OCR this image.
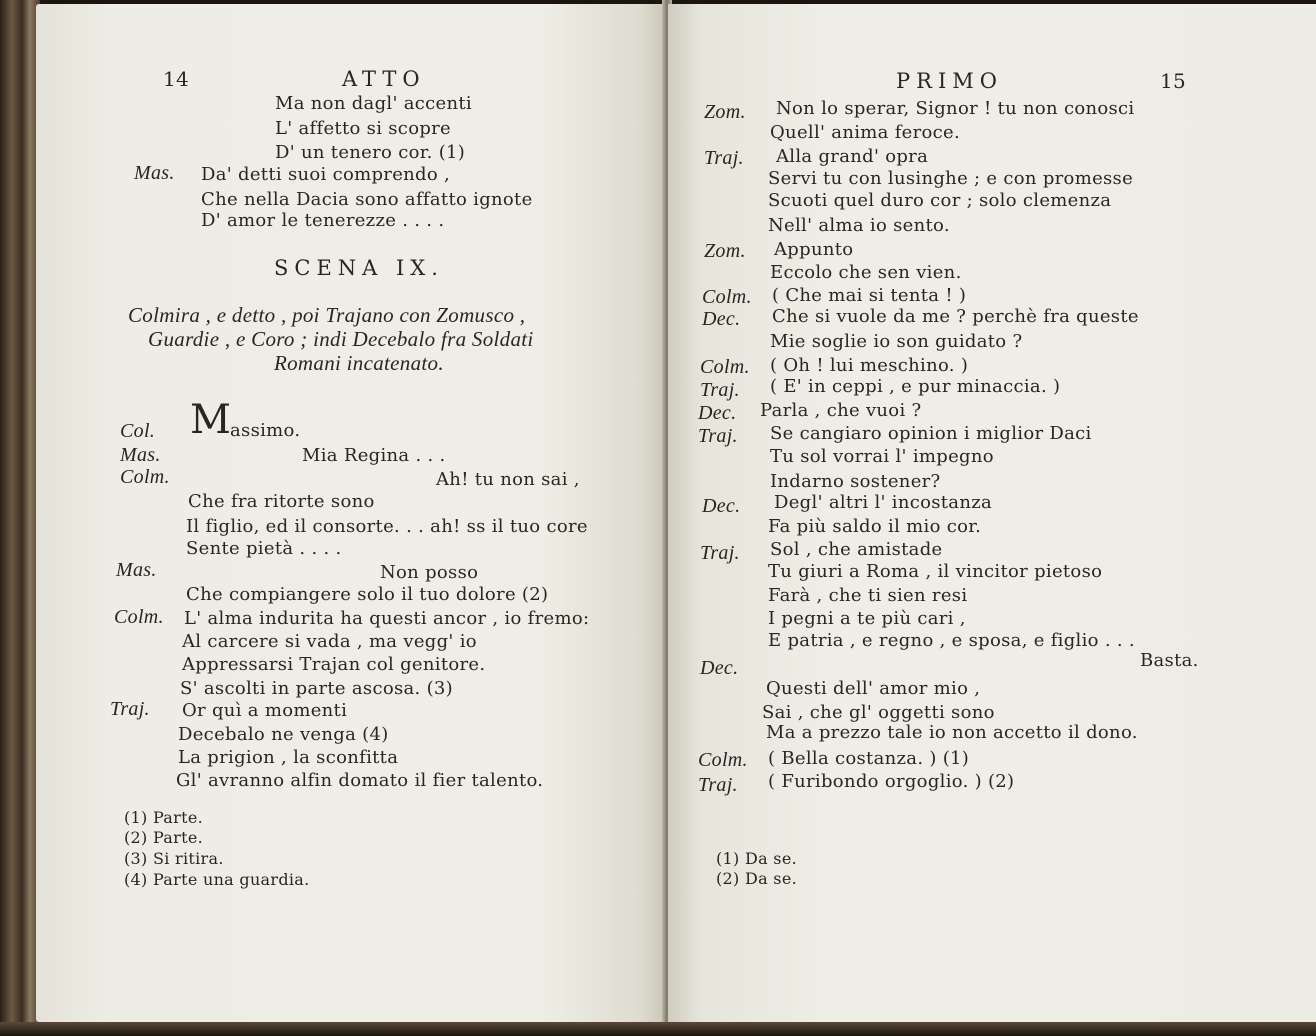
14	ATTO
Ma non dagl' accenti
L' affetto si scopre
D' un tenero cor. (1)
Mas. Da' detti suoi comprendo ,
Che nella Dacia sono affatto ignote
D' amor le tenerezze . . . .
SCENA IX.
Colmira , e detto , poi Trajano con Zomusco ,
Guardie , e Coro ; indi Decebalo fra Soldati
Romani incatenato.
Col. M
assimo.
Mas.	Mia Regina . . .
Colm.	Ah! tu non sai ,
Che fra ritorte sono
Il figlio, ed il consorte. . . ah! ss il tuo core
Sente pietà . . . .
Mas.	Non posso
Che compiangere solo il tuo dolore (2)
Colm. L' alma indurita ha questi ancor , io fremo:
Al carcere si vada , ma vegg' io
Appressarsi Trajan col genitore.
S' ascolti in parte ascosa. (3)
Traj. Or quì a momenti
Decebalo ne venga (4)
La prigion , la sconfitta
Gl' avranno alfin domato il fier talento.
(1) Parte.
(2) Parte.
(3) Si ritira.
(4) Parte una guardia.
PRIMO	15
Zom. Non lo sperar, Signor ! tu non conosci
Quell' anima feroce.
Traj. Alla grand' opra
Servi tu con lusinghe ; e con promesse
Scuoti quel duro cor ; solo clemenza
Nell' alma io sento.
Zom. Appunto
Eccolo che sen vien.
Colm. ( Che mai si tenta ! )
Dec. Che si vuole da me ? perchè fra queste
Mie soglie io son guidato ?
Colm. ( Oh ! lui meschino. )
Traj. ( E' in ceppi , e pur minaccia. )
Dec. Parla , che vuoi ?
Traj. Se cangiaro opinion i miglior Daci
Tu sol vorrai l' impegno
Indarno sostener?
Dec. Degl' altri l' incostanza
Fa più saldo il mio cor.
Traj. Sol , che amistade
Tu giuri a Roma , il vincitor pietoso
Farà , che ti sien resi
I pegni a te più cari ,
E patria , e regno , e sposa, e figlio . . .
Dec.	Basta.
Questi dell' amor mio ,
Sai , che gl' oggetti sono
Ma a prezzo tale io non accetto il dono.
Colm. ( Bella costanza. ) (1)
Traj. ( Furibondo orgoglio. ) (2)
(1) Da se.
(2) Da se.
